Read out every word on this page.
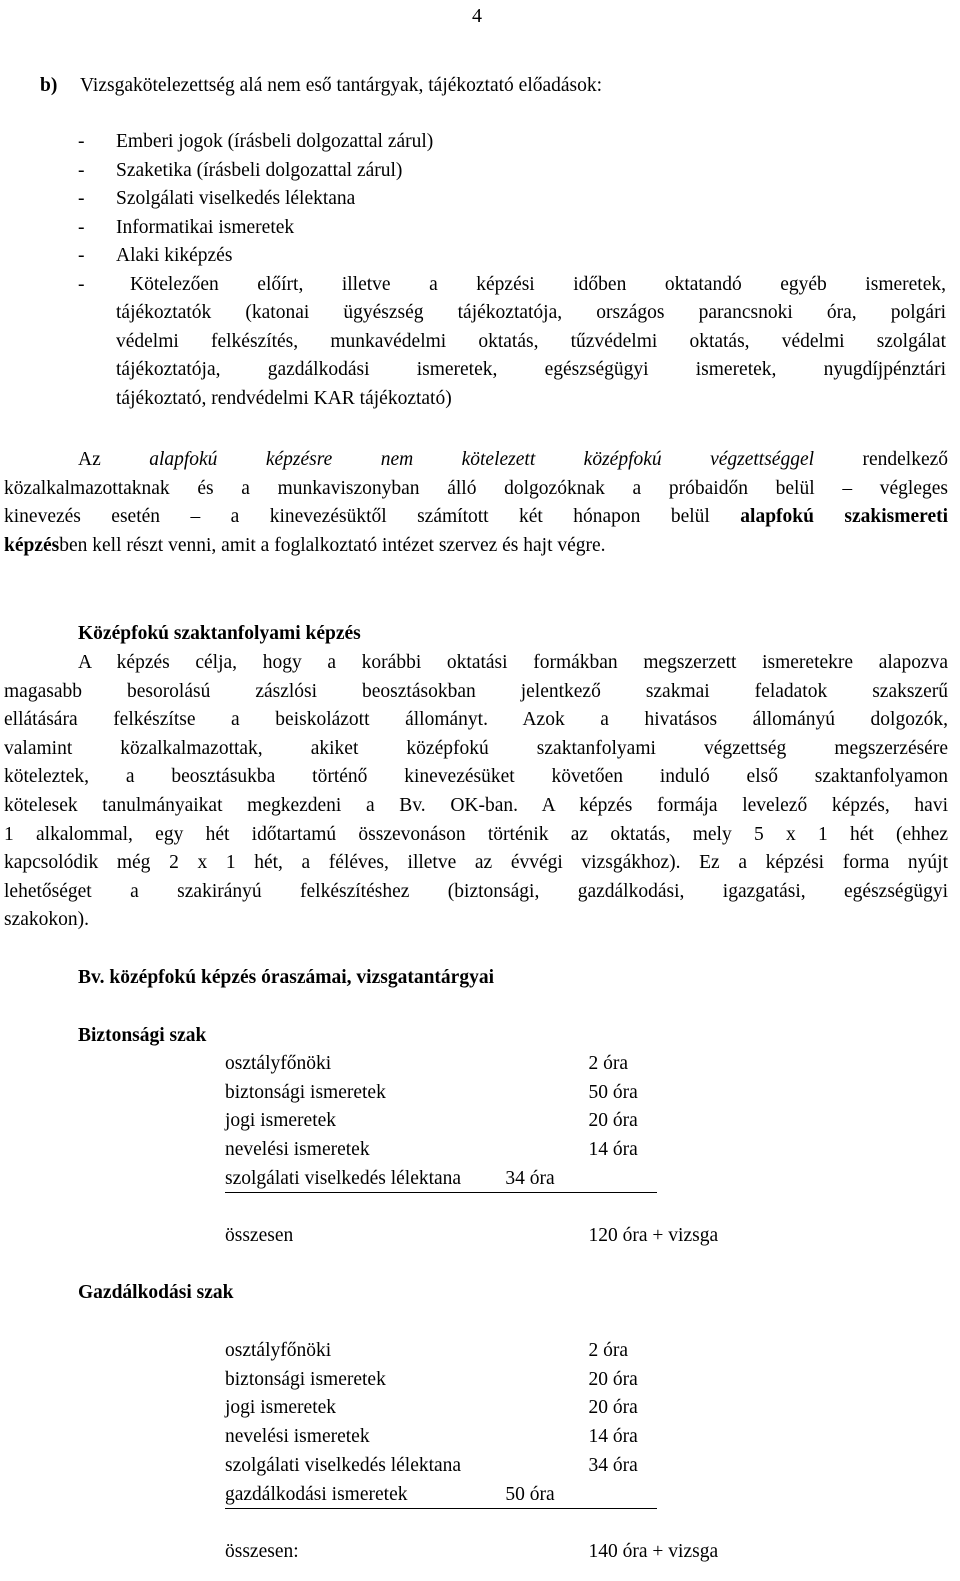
4
b) Vizsgakötelezettség alá nem eső tantárgyak, tájékoztató előadások:
-	Emberi jogok (írásbeli dolgozattal zárul)
-	Szaketika (írásbeli dolgozattal zárul)
-	Szolgálati viselkedés lélektana
-	Informatikai ismeretek
-	Alaki kiképzés
-	Kötelezően előírt, illetve a képzési időben oktatandó egyéb ismeretek,
tájékoztatók (katonai ügyészség tájékoztatója, országos parancsnoki óra, polgári
védelmi felkészítés, munkavédelmi oktatás, tűzvédelmi oktatás, védelmi szolgálat
tájékoztatója, gazdálkodási ismeretek, egészségügyi ismeretek, nyugdíjpénztári
tájékoztató, rendvédelmi KAR tájékoztató)
Az alapfokú képzésre nem kötelezett középfokú végzettséggel rendelkező
közalkalmazottaknak és a munkaviszonyban álló dolgozóknak a próbaidőn belül – végleges
kinevezés esetén – a kinevezésüktől számított két hónapon belül alapfokú szakismereti
képzésben kell részt venni, amit a foglalkoztató intézet szervez és hajt végre.
Középfokú szaktanfolyami képzés
A képzés célja, hogy a korábbi oktatási formákban megszerzett ismeretekre alapozva
magasabb besorolású zászlósi beosztásokban jelentkező szakmai feladatok szakszerű
ellátására felkészítse a beiskolázott állományt. Azok a hivatásos állományú dolgozók,
valamint közalkalmazottak, akiket középfokú szaktanfolyami végzettség megszerzésére
köteleztek, a beosztásukba történő kinevezésüket követően induló első szaktanfolyamon
kötelesek tanulmányaikat megkezdeni a Bv. OK-ban. A képzés formája levelező képzés, havi
1 alkalommal, egy hét időtartamú összevonáson történik az oktatás, mely 5 x 1 hét (ehhez
kapcsolódik még 2 x 1 hét, a féléves, illetve az évvégi vizsgákhoz). Ez a képzési forma nyújt
lehetőséget a szakirányú felkészítéshez (biztonsági, gazdálkodási, igazgatási, egészségügyi
szakokon).
Bv. középfokú képzés óraszámai, vizsgatantárgyai
Biztonsági szak
osztályfőnöki	2 óra
biztonsági ismeretek	50 óra
jogi ismeretek	20 óra
nevelési ismeretek	14 óra
szolgálati viselkedés lélektana	34 óra
összesen	120 óra + vizsga
Gazdálkodási szak
osztályfőnöki	2 óra
biztonsági ismeretek	20 óra
jogi ismeretek	20 óra
nevelési ismeretek	14 óra
szolgálati viselkedés lélektana	34 óra
gazdálkodási ismeretek	50 óra
összesen:	140 óra + vizsga
